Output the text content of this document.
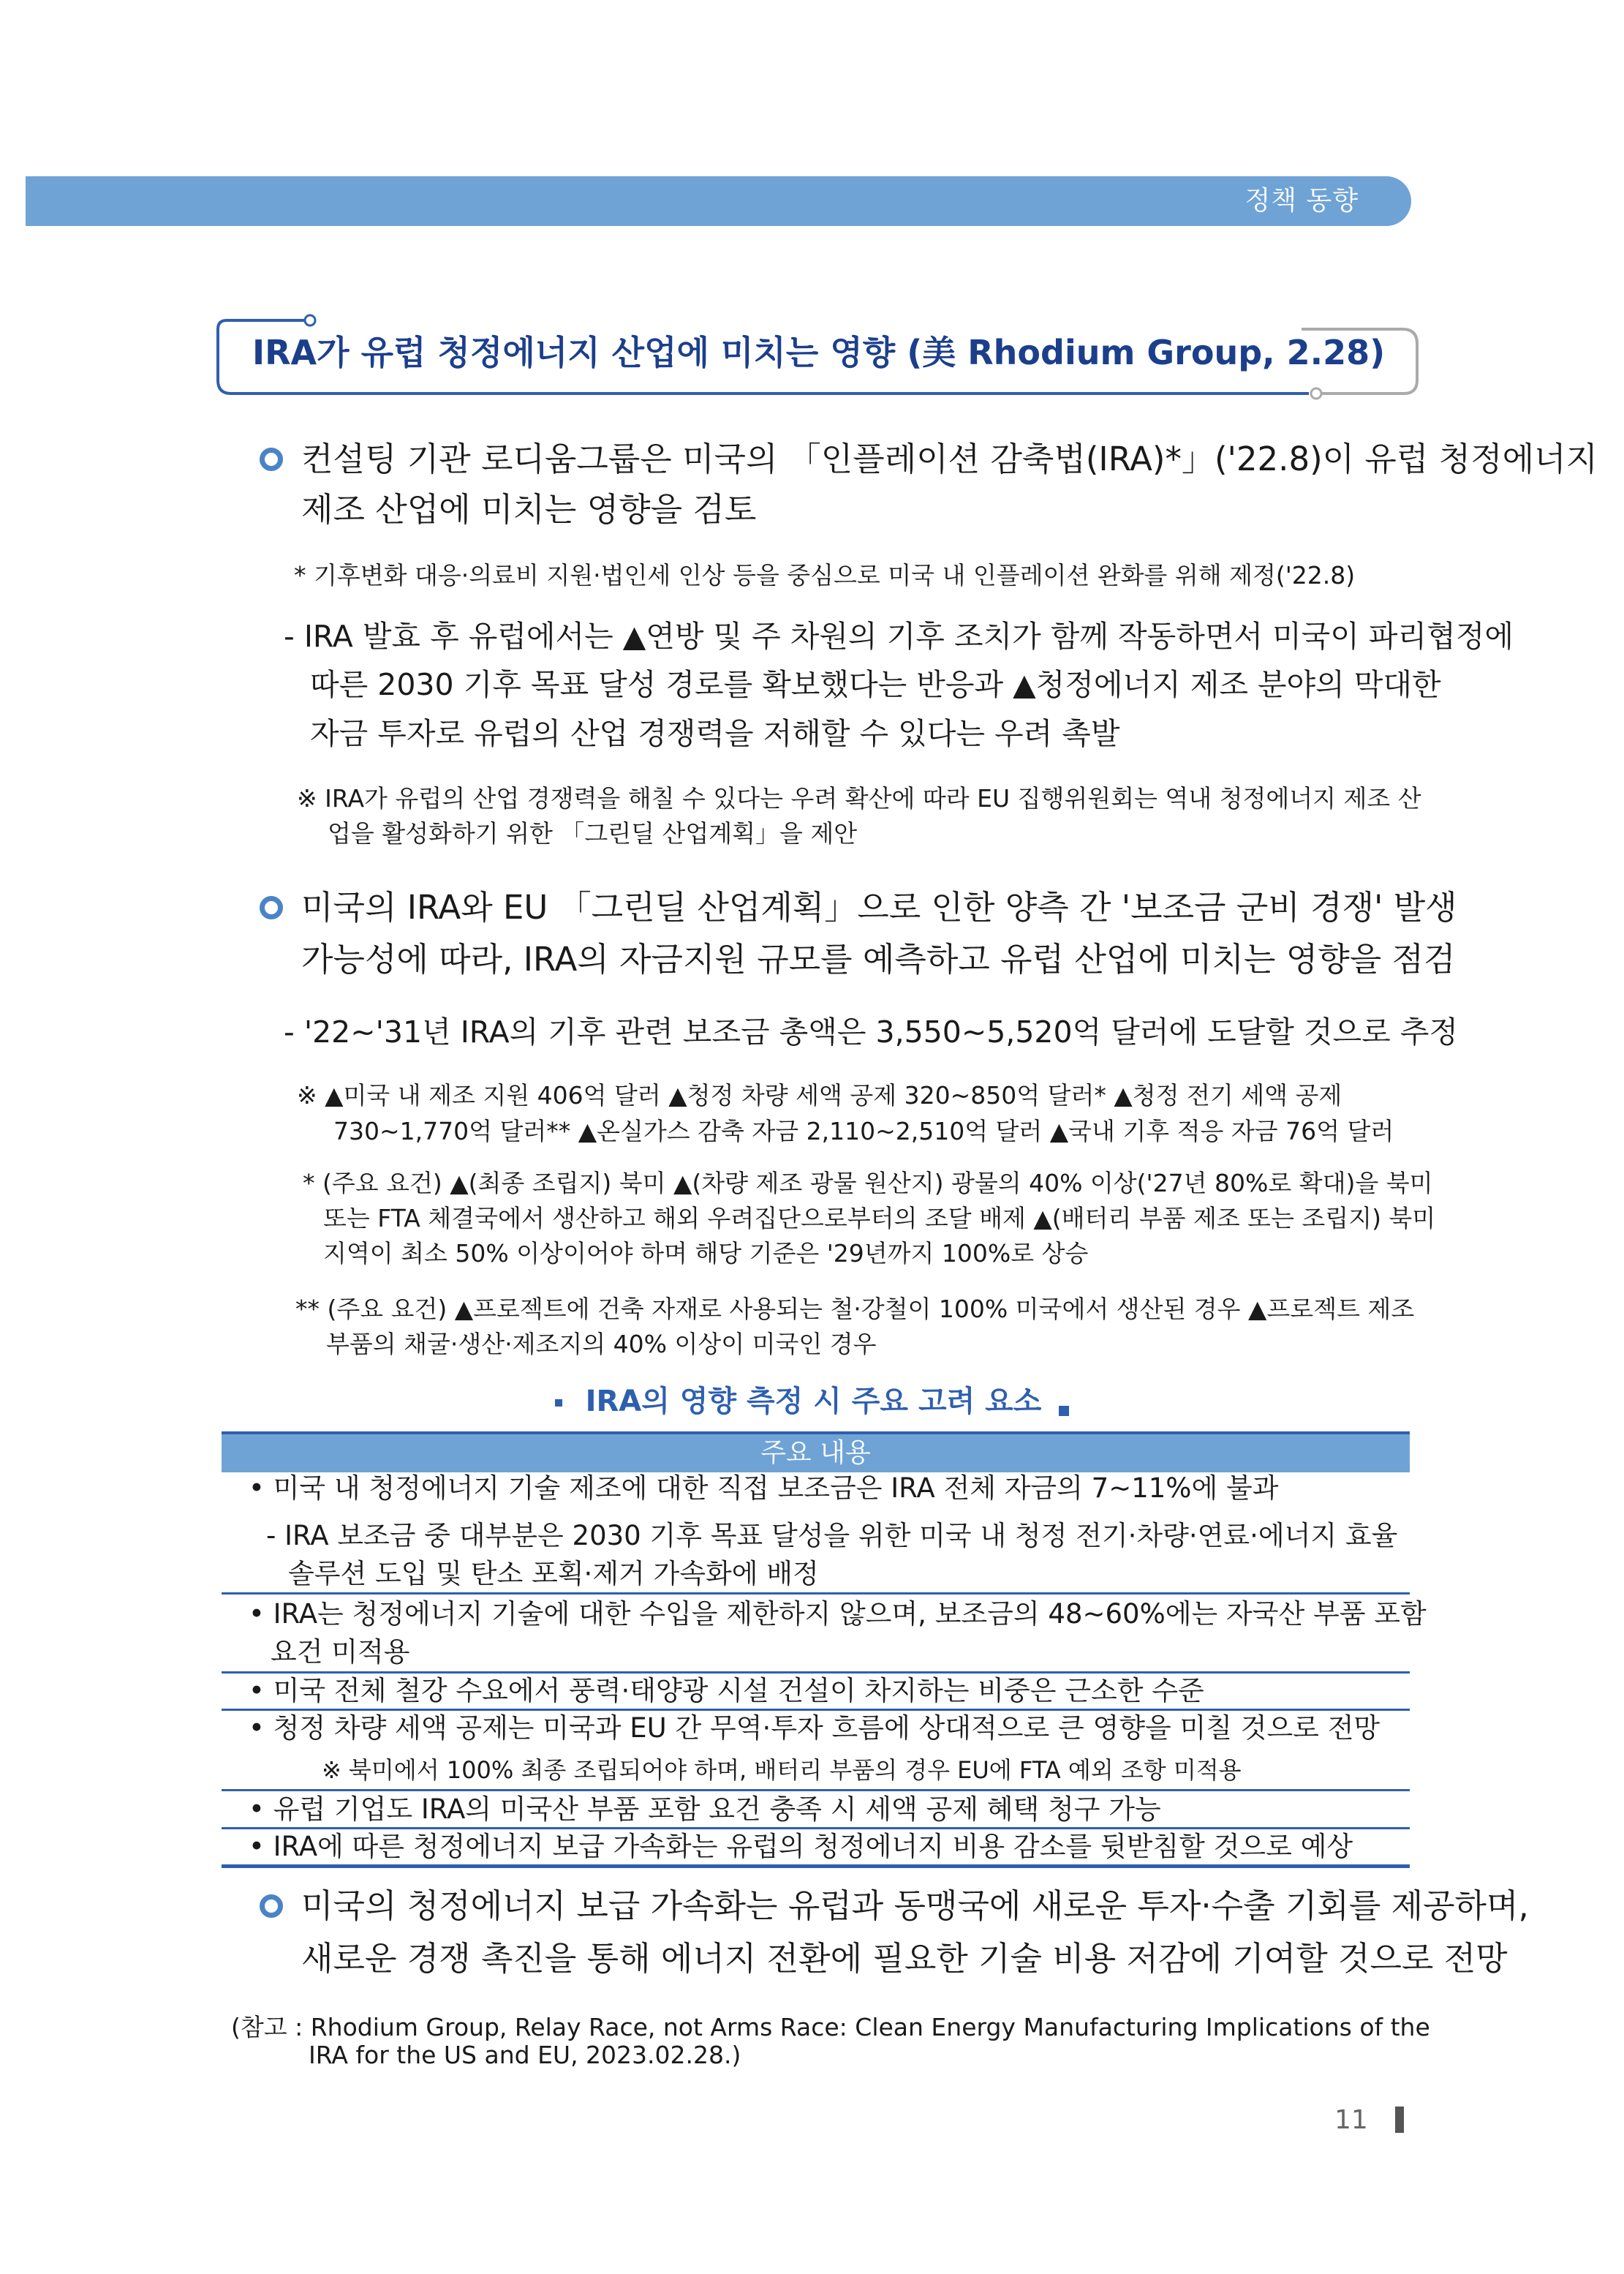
정책 동향
IRA가 유럽 청정에너지 산업에 미치는 영향 (美 Rhodium Group, 2.28)
컨설팅 기관 로디움그룹은 미국의 「인플레이션 감축법(IRA)*」('22.8)이 유럽 청정에너지
제조 산업에 미치는 영향을 검토
* 기후변화 대응·의료비 지원·법인세 인상 등을 중심으로 미국 내 인플레이션 완화를 위해 제정('22.8)
- IRA 발효 후 유럽에서는 ▲연방 및 주 차원의 기후 조치가 함께 작동하면서 미국이 파리협정에
따른 2030 기후 목표 달성 경로를 확보했다는 반응과 ▲청정에너지 제조 분야의 막대한
자금 투자로 유럽의 산업 경쟁력을 저해할 수 있다는 우려 촉발
※ IRA가 유럽의 산업 경쟁력을 해칠 수 있다는 우려 확산에 따라 EU 집행위원회는 역내 청정에너지 제조 산
업을 활성화하기 위한 「그린딜 산업계획」을 제안
미국의 IRA와 EU 「그린딜 산업계획」으로 인한 양측 간 '보조금 군비 경쟁' 발생
가능성에 따라, IRA의 자금지원 규모를 예측하고 유럽 산업에 미치는 영향을 점검
- '22~'31년 IRA의 기후 관련 보조금 총액은 3,550~5,520억 달러에 도달할 것으로 추정
※ ▲미국 내 제조 지원 406억 달러 ▲청정 차량 세액 공제 320~850억 달러* ▲청정 전기 세액 공제
730~1,770억 달러** ▲온실가스 감축 자금 2,110~2,510억 달러 ▲국내 기후 적응 자금 76억 달러
* (주요 요건) ▲(최종 조립지) 북미 ▲(차량 제조 광물 원산지) 광물의 40% 이상('27년 80%로 확대)을 북미
또는 FTA 체결국에서 생산하고 해외 우려집단으로부터의 조달 배제 ▲(배터리 부품 제조 또는 조립지) 북미
지역이 최소 50% 이상이어야 하며 해당 기준은 '29년까지 100%로 상승
** (주요 요건) ▲프로젝트에 건축 자재로 사용되는 철·강철이 100% 미국에서 생산된 경우 ▲프로젝트 제조
부품의 채굴·생산·제조지의 40% 이상이 미국인 경우
IRA의 영향 측정 시 주요 고려 요소
주요 내용
• 미국 내 청정에너지 기술 제조에 대한 직접 보조금은 IRA 전체 자금의 7~11%에 불과
- IRA 보조금 중 대부분은 2030 기후 목표 달성을 위한 미국 내 청정 전기·차량·연료·에너지 효율
솔루션 도입 및 탄소 포획·제거 가속화에 배정
• IRA는 청정에너지 기술에 대한 수입을 제한하지 않으며, 보조금의 48~60%에는 자국산 부품 포함
요건 미적용
• 미국 전체 철강 수요에서 풍력·태양광 시설 건설이 차지하는 비중은 근소한 수준
• 청정 차량 세액 공제는 미국과 EU 간 무역·투자 흐름에 상대적으로 큰 영향을 미칠 것으로 전망
※ 북미에서 100% 최종 조립되어야 하며, 배터리 부품의 경우 EU에 FTA 예외 조항 미적용
• 유럽 기업도 IRA의 미국산 부품 포함 요건 충족 시 세액 공제 혜택 청구 가능
• IRA에 따른 청정에너지 보급 가속화는 유럽의 청정에너지 비용 감소를 뒷받침할 것으로 예상
미국의 청정에너지 보급 가속화는 유럽과 동맹국에 새로운 투자·수출 기회를 제공하며,
새로운 경쟁 촉진을 통해 에너지 전환에 필요한 기술 비용 저감에 기여할 것으로 전망
(참고 : Rhodium Group, Relay Race, not Arms Race: Clean Energy Manufacturing Implications of the
IRA for the US and EU, 2023.02.28.)
11
